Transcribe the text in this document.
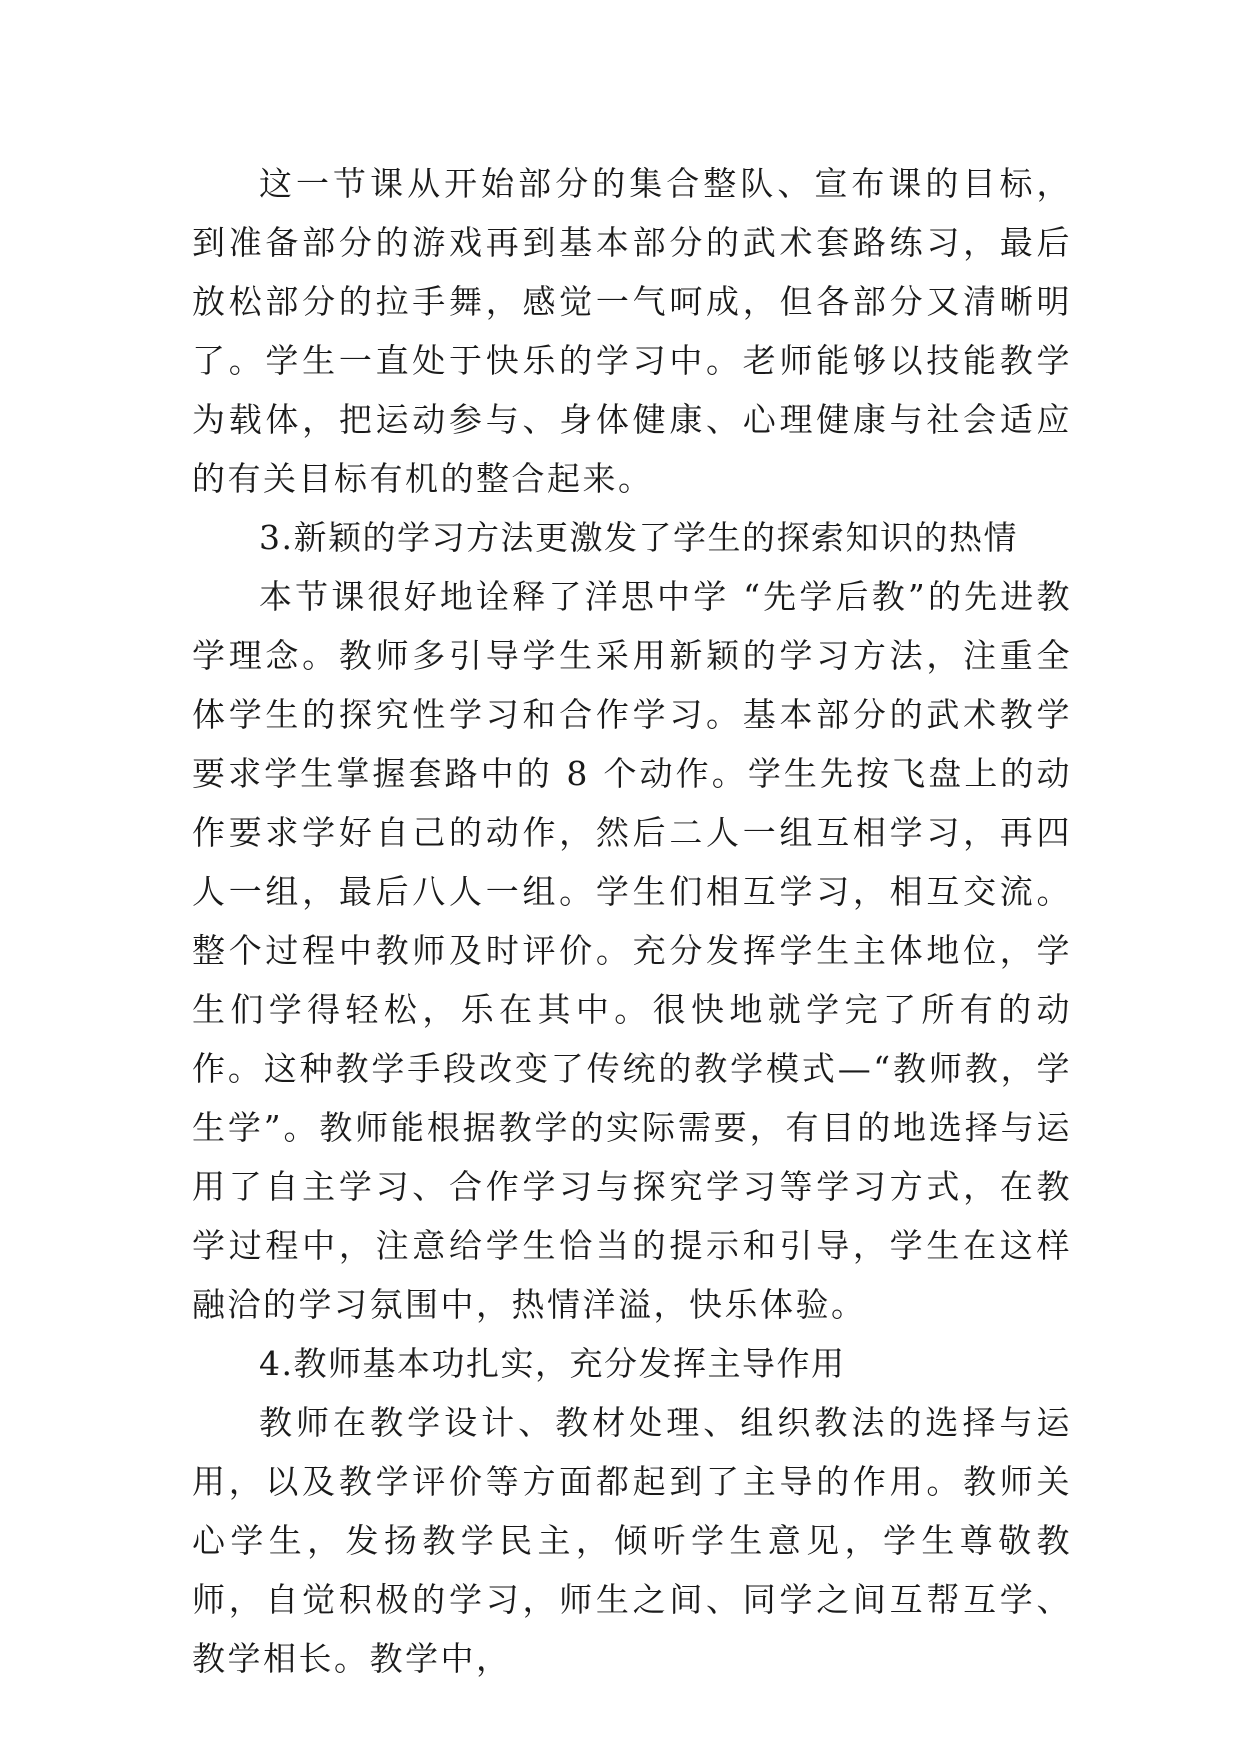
这一节课从开始部分的集合整队、宣布课的目标，到准备部分的游戏再到基本部分的武术套路练习，最后放松部分的拉手舞，感觉一气呵成，但各部分又清晰明了。学生一直处于快乐的学习中。老师能够以技能教学为载体，把运动参与、身体健康、心理健康与社会适应的有关目标有机的整合起来。

3.新颖的学习方法更激发了学生的探索知识的热情

本节课很好地诠释了洋思中学 “先学后教”的先进教学理念。教师多引导学生采用新颖的学习方法，注重全体学生的探究性学习和合作学习。基本部分的武术教学要求学生掌握套路中的 8 个动作。学生先按飞盘上的动作要求学好自己的动作，然后二人一组互相学习，再四人一组，最后八人一组。学生们相互学习，相互交流。整个过程中教师及时评价。充分发挥学生主体地位，学生们学得轻松，乐在其中。很快地就学完了所有的动作。这种教学手段改变了传统的教学模式—“教师教，学生学”。教师能根据教学的实际需要，有目的地选择与运用了自主学习、合作学习与探究学习等学习方式，在教学过程中，注意给学生恰当的提示和引导，学生在这样融洽的学习氛围中，热情洋溢，快乐体验。

4.教师基本功扎实，充分发挥主导作用

教师在教学设计、教材处理、组织教法的选择与运用，以及教学评价等方面都起到了主导的作用。教师关心学生，发扬教学民主，倾听学生意见，学生尊敬教师，自觉积极的学习，师生之间、同学之间互帮互学、教学相长。教学中，
